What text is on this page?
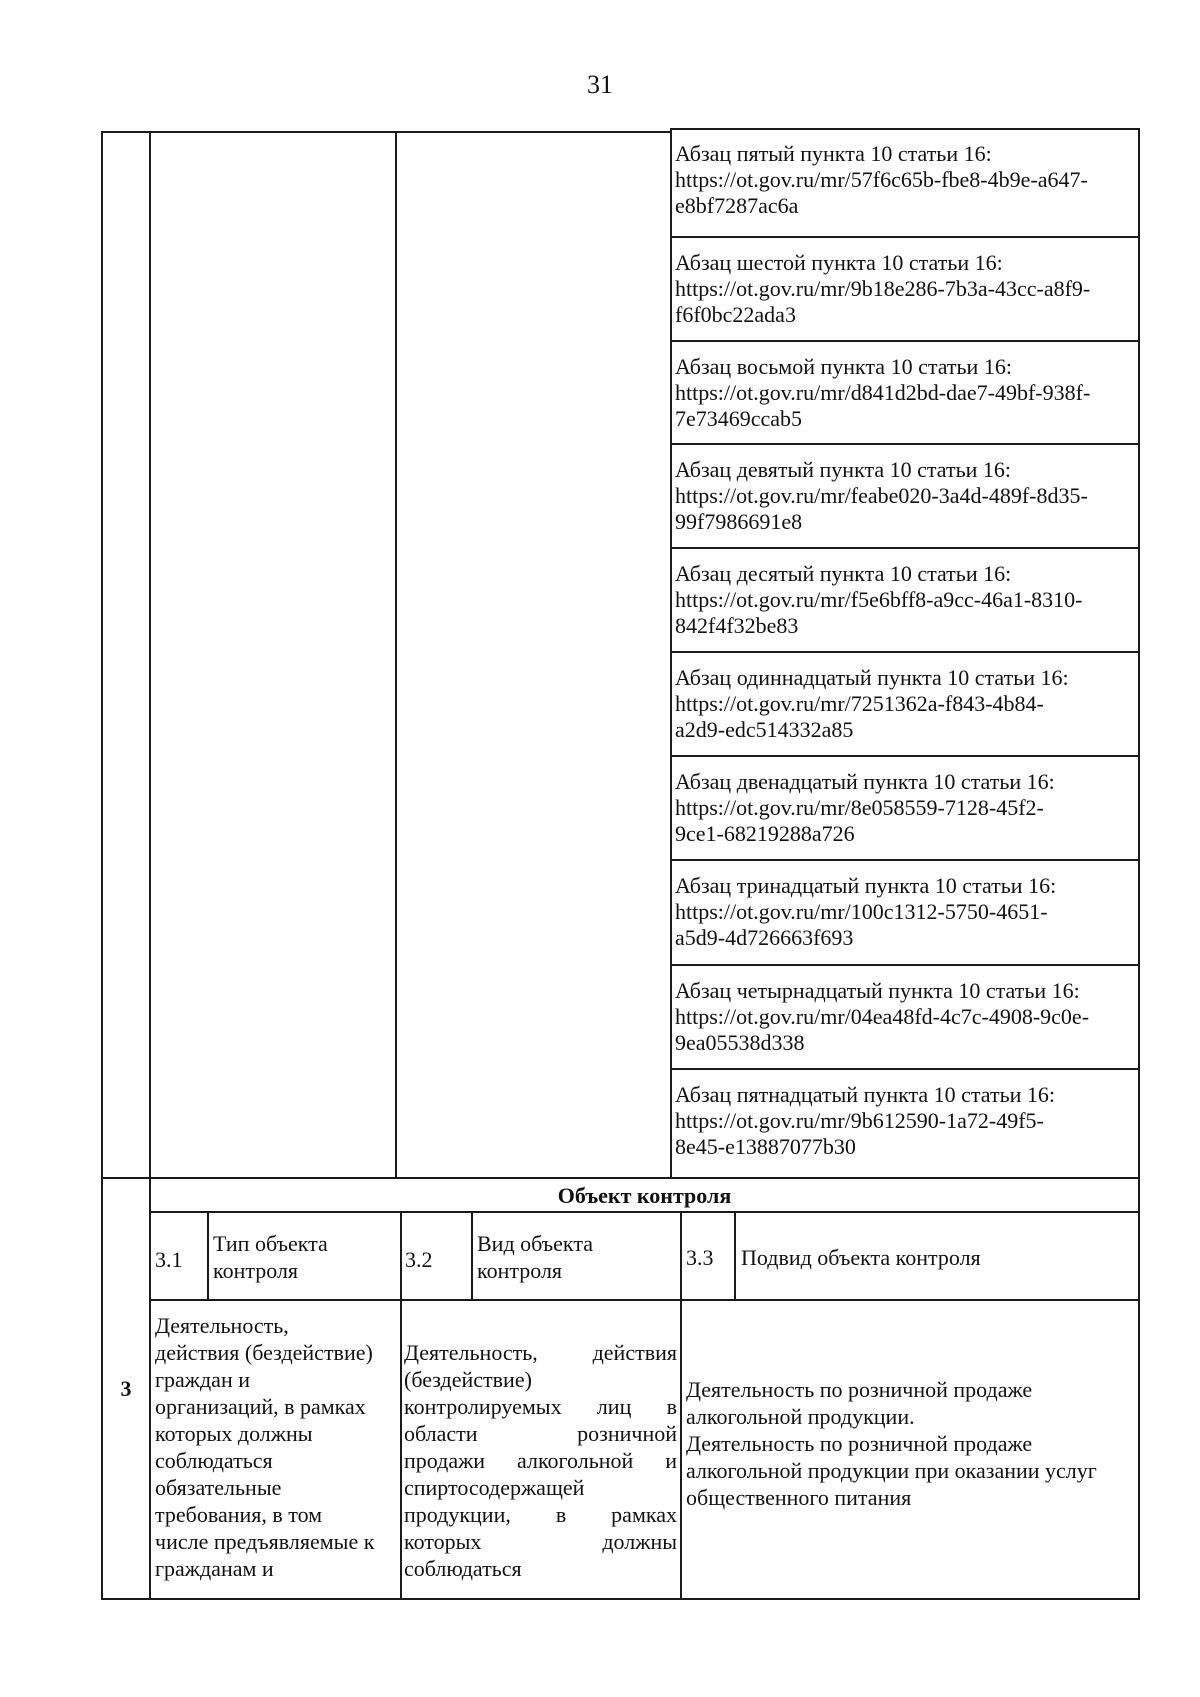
31
Абзац пятый пункта 10 статьи 16:
https://ot.gov.ru/mr/57f6c65b-fbe8-4b9e-a647-
e8bf7287ac6a
Абзац шестой пункта 10 статьи 16:
https://ot.gov.ru/mr/9b18e286-7b3a-43cc-a8f9-
f6f0bc22ada3
Абзац восьмой пункта 10 статьи 16:
https://ot.gov.ru/mr/d841d2bd-dae7-49bf-938f-
7e73469ccab5
Абзац девятый пункта 10 статьи 16:
https://ot.gov.ru/mr/feabe020-3a4d-489f-8d35-
99f7986691e8
Абзац десятый пункта 10 статьи 16:
https://ot.gov.ru/mr/f5e6bff8-a9cc-46a1-8310-
842f4f32be83
Абзац одиннадцатый пункта 10 статьи 16:
https://ot.gov.ru/mr/7251362a-f843-4b84-
a2d9-edc514332a85
Абзац двенадцатый пункта 10 статьи 16:
https://ot.gov.ru/mr/8e058559-7128-45f2-
9ce1-68219288a726
Абзац тринадцатый пункта 10 статьи 16:
https://ot.gov.ru/mr/100c1312-5750-4651-
a5d9-4d726663f693
Абзац четырнадцатый пункта 10 статьи 16:
https://ot.gov.ru/mr/04ea48fd-4c7c-4908-9c0e-
9ea05538d338
Абзац пятнадцатый пункта 10 статьи 16:
https://ot.gov.ru/mr/9b612590-1a72-49f5-
8e45-e13887077b30
3
Объект контроля
3.1
Тип объекта
контроля	3.2
Вид объекта
контроля
3.3	Подвид объекта контроля
Деятельность,
действия (бездействие)
граждан и
организаций, в рамках
которых должны
соблюдаться
обязательные
требования, в том
числе предъявляемые к
гражданам и
Деятельность, действия
(бездействие)
контролируемых лиц в
области розничной
продажи алкогольной и
спиртосодержащей
продукции, в рамках
которых должны
соблюдаться
Деятельность по розничной продаже
алкогольной продукции.
Деятельность по розничной продаже
алкогольной продукции при оказании услуг
общественного питания
